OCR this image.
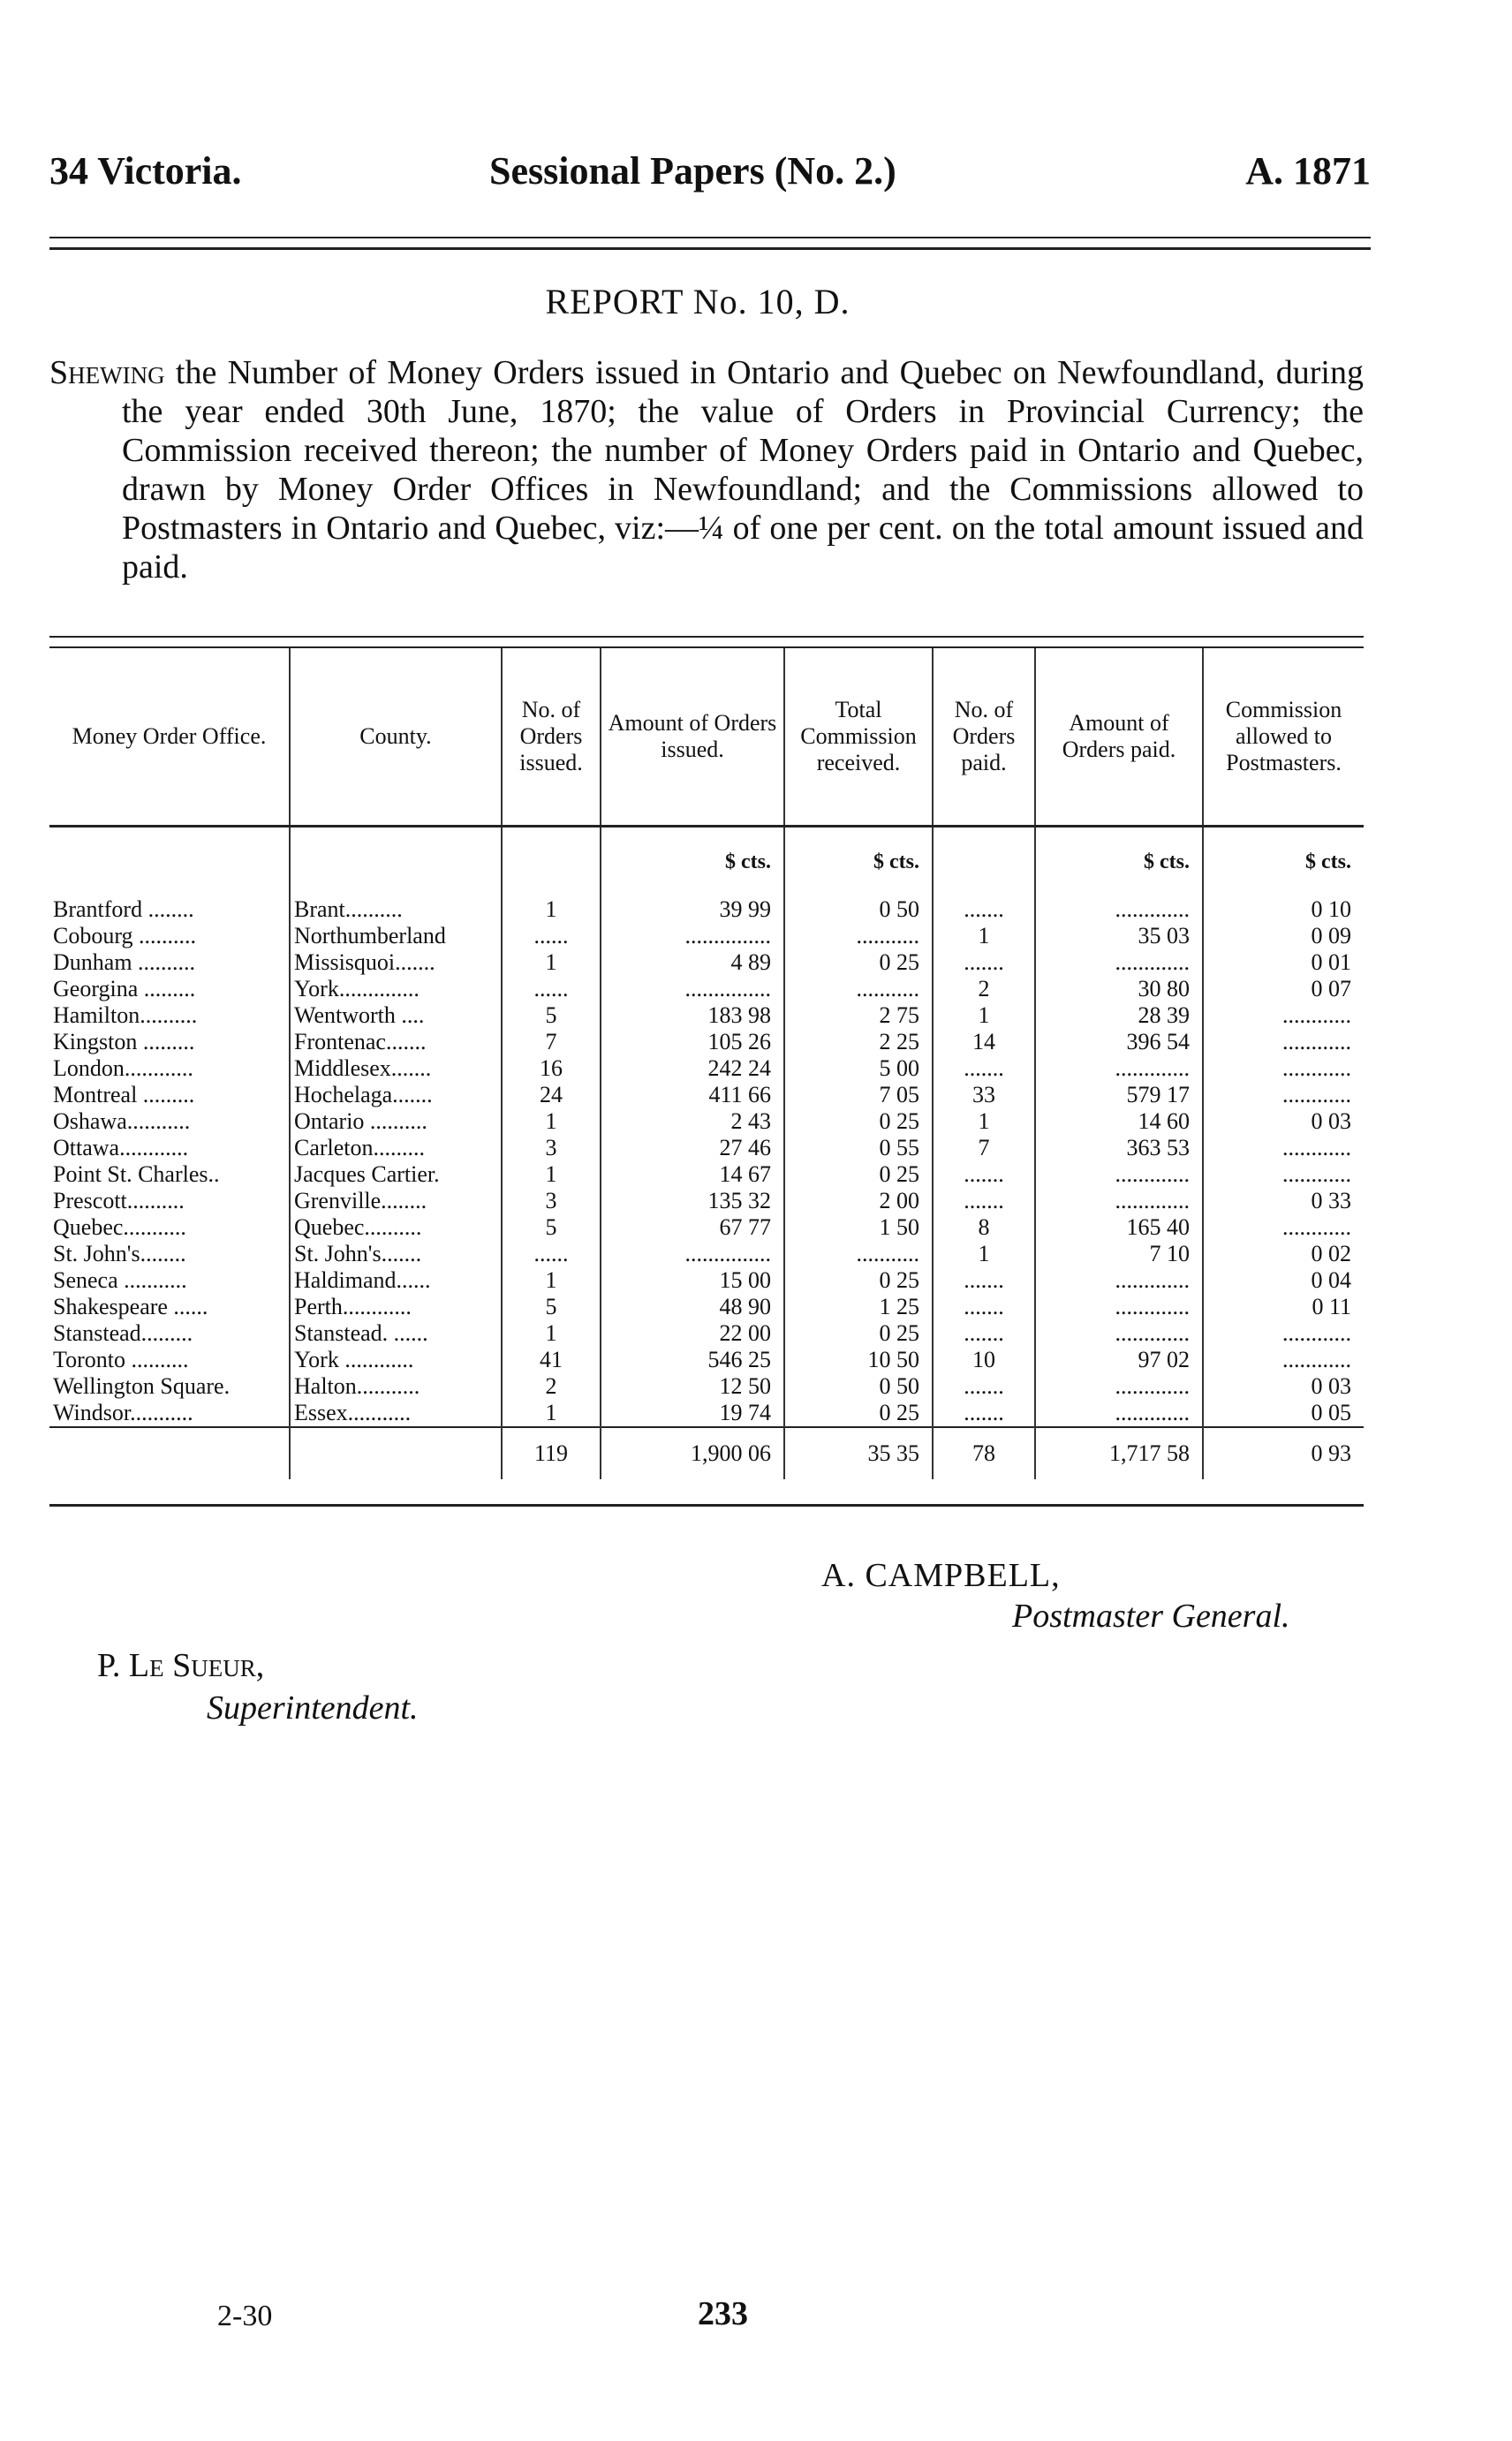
34 Victoria.	Sessional Papers (No. 2.)	A. 1871
REPORT No. 10, D.

Shewing the Number of Money Orders issued in Ontario and Quebec on Newfoundland, during the year ended 30th June, 1870; the value of Orders in Provincial Currency; the Commission received thereon; the number of Money Orders paid in Ontario and Quebec, drawn by Money Order Offices in Newfoundland; and the Commissions allowed to Postmasters in Ontario and Quebec, viz:—¼ of one per cent. on the total amount issued and paid.

Money Order Office.	County.	No. of Orders issued.	Amount of Orders issued.	Total Commission received.	No. of Orders paid.	Amount of Orders paid.	Commission allowed to Postmasters.
			$ cts.	$ cts.		$ cts.	$ cts.
Brantford ........	Brant..........	1	39 99	0 50	.......	.............	0 10
Cobourg ..........	Northumberland	......	...............	...........	1	35 03	0 09
Dunham ..........	Missisquoi.......	1	4 89	0 25	.......	.............	0 01
Georgina .........	York..............	......	...............	...........	2	30 80	0 07
Hamilton..........	Wentworth ....	5	183 98	2 75	1	28 39	............
Kingston .........	Frontenac.......	7	105 26	2 25	14	396 54	............
London............	Middlesex.......	16	242 24	5 00	.......	.............	............
Montreal .........	Hochelaga.......	24	411 66	7 05	33	579 17	............
Oshawa...........	Ontario ..........	1	2 43	0 25	1	14 60	0 03
Ottawa............	Carleton.........	3	27 46	0 55	7	363 53	............
Point St. Charles..	Jacques Cartier.	1	14 67	0 25	.......	.............	............
Prescott..........	Grenville........	3	135 32	2 00	.......	.............	0 33
Quebec...........	Quebec..........	5	67 77	1 50	8	165 40	............
St. John's........	St. John's.......	......	...............	...........	1	7 10	0 02
Seneca ...........	Haldimand......	1	15 00	0 25	.......	.............	0 04
Shakespeare ......	Perth............	5	48 90	1 25	.......	.............	0 11
Stanstead.........	Stanstead. ......	1	22 00	0 25	.......	.............	............
Toronto ..........	York ............	41	546 25	10 50	10	97 02	............
Wellington Square.	Halton...........	2	12 50	0 50	.......	.............	0 03
Windsor...........	Essex...........	1	19 74	0 25	.......	.............	0 05
		119	1,900 06	35 35	78	1,717 58	0 93
A. CAMPBELL,
Postmaster General.
P. Le Sueur,
Superintendent.
2-30	233
